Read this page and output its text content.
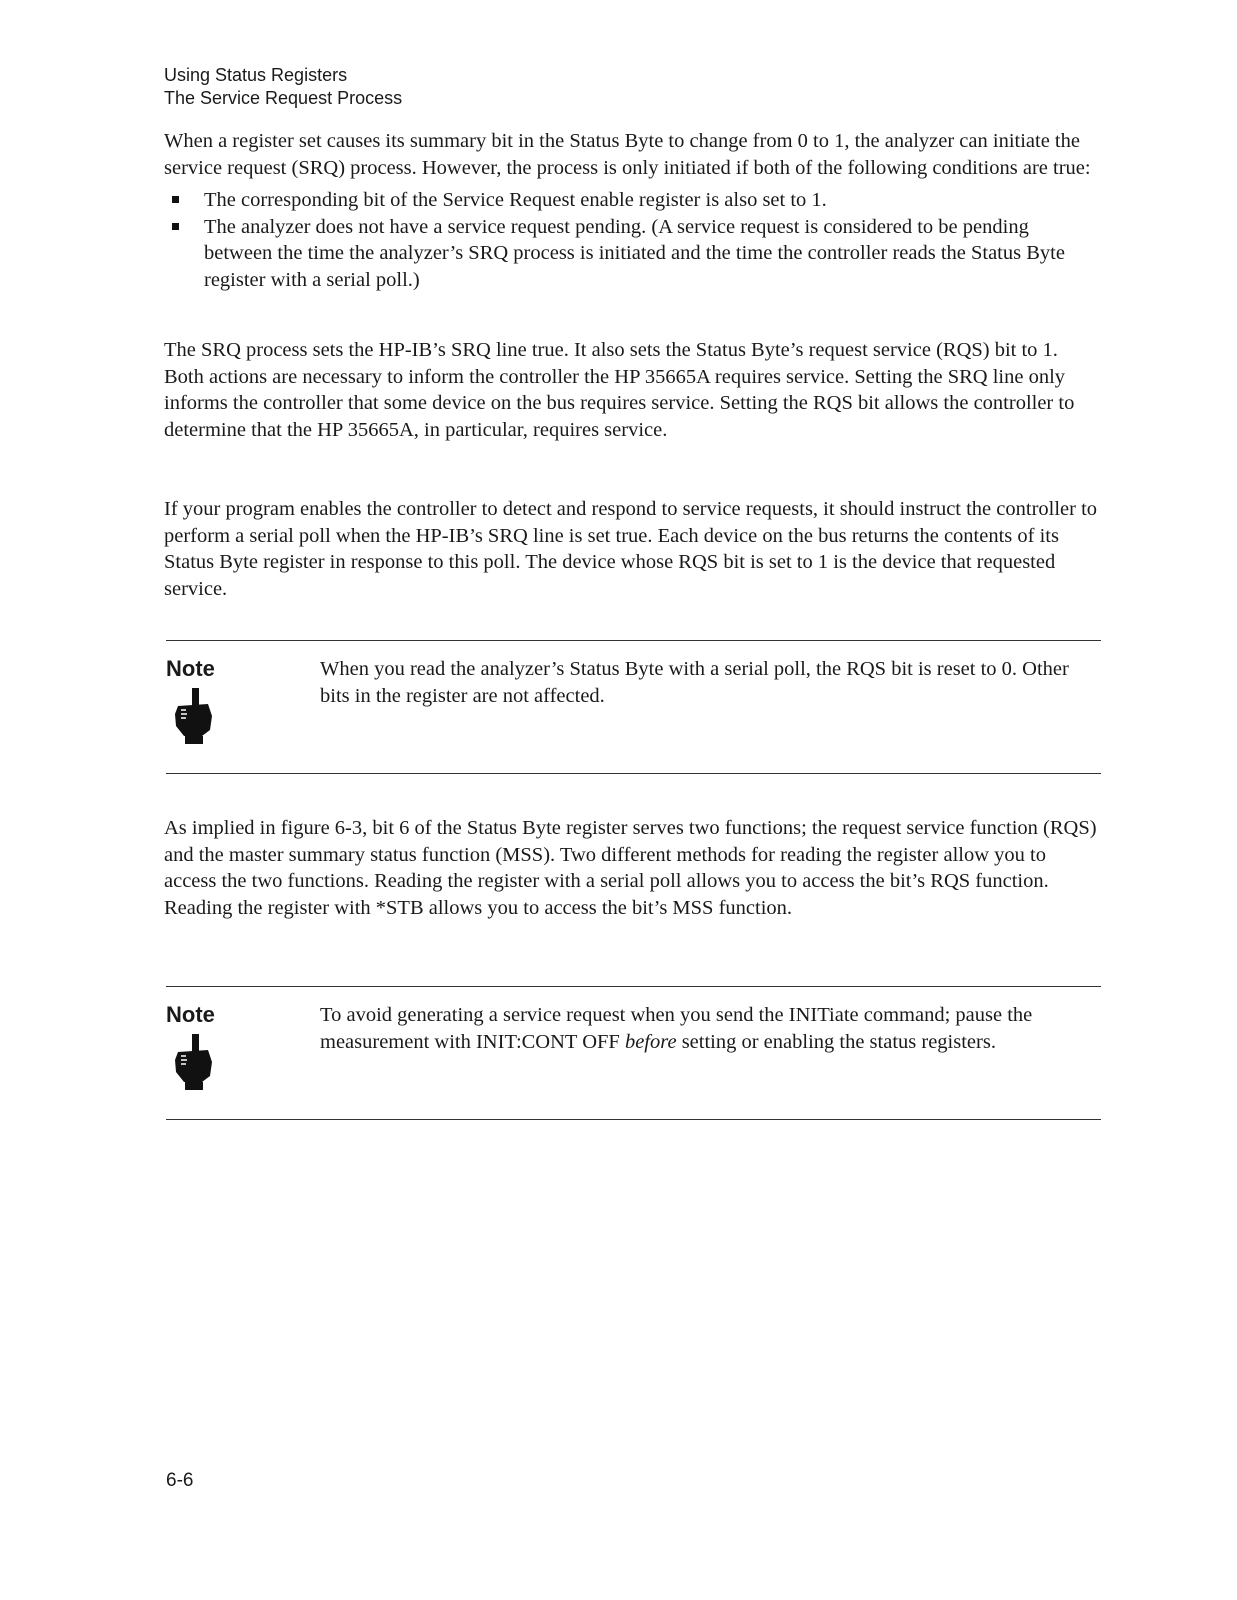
Using Status Registers
The Service Request Process

When a register set causes its summary bit in the Status Byte to change from 0 to 1, the analyzer can initiate the service request (SRQ) process. However, the process is only initiated if both of the following conditions are true:

The corresponding bit of the Service Request enable register is also set to 1.
The analyzer does not have a service request pending. (A service request is considered to be pending between the time the analyzer’s SRQ process is initiated and the time the controller reads the Status Byte register with a serial poll.)

The SRQ process sets the HP-IB’s SRQ line true. It also sets the Status Byte’s request service (RQS) bit to 1. Both actions are necessary to inform the controller the HP 35665A requires service. Setting the SRQ line only informs the controller that some device on the bus requires service. Setting the RQS bit allows the controller to determine that the HP 35665A, in particular, requires service.

If your program enables the controller to detect and respond to service requests, it should instruct the controller to perform a serial poll when the HP-IB’s SRQ line is set true. Each device on the bus returns the contents of its Status Byte register in response to this poll. The device whose RQS bit is set to 1 is the device that requested service.

Note	When you read the analyzer’s Status Byte with a serial poll, the RQS bit is reset to 0. Other bits in the register are not affected.

As implied in figure 6-3, bit 6 of the Status Byte register serves two functions; the request service function (RQS) and the master summary status function (MSS). Two different methods for reading the register allow you to access the two functions. Reading the register with a serial poll allows you to access the bit’s RQS function. Reading the register with *STB allows you to access the bit’s MSS function.

Note	To avoid generating a service request when you send the INITiate command; pause the measurement with INIT:CONT OFF before setting or enabling the status registers.

6-6
